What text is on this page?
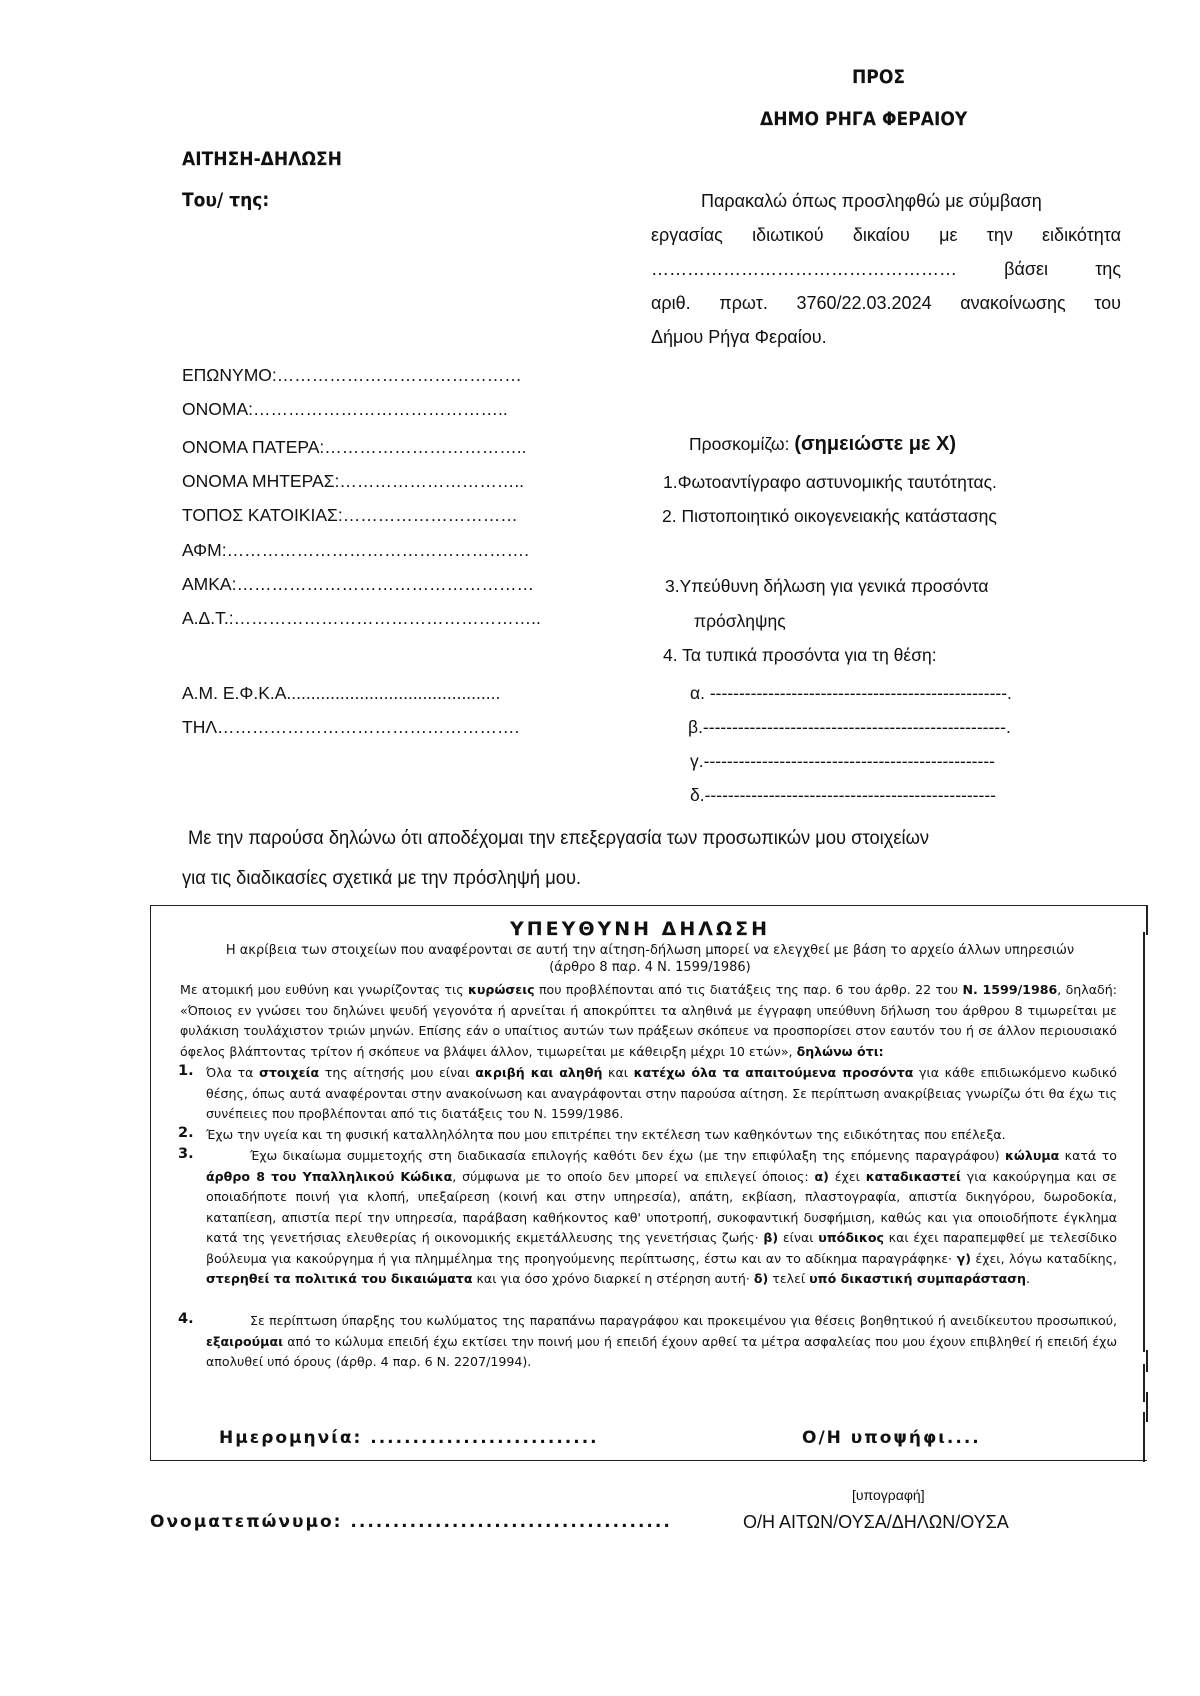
ΠΡΟΣ
ΔΗΜΟ ΡΗΓΑ ΦΕΡΑΙΟΥ
ΑΙΤΗΣΗ-ΔΗΛΩΣΗ
Του/ της:	Παρακαλώ όπως προσληφθώ με σύμβαση
εργασίας ιδιωτικού δικαίου με την ειδικότητα
…………………………………………… βάσει της
αριθ. πρωτ. 3760/22.03.2024 ανακοίνωσης του
Δήμου Ρήγα Φεραίου.
ΕΠΩΝΥΜΟ:……………………………………
ΟΝΟΜΑ:……………………………………..
ΟΝΟΜΑ ΠΑΤΕΡΑ:……………………………..
ΟΝΟΜΑ ΜΗΤΕΡΑΣ:…………………………..
ΤΟΠΟΣ ΚΑΤΟΙΚΙΑΣ:…………………………
ΑΦΜ:…………………………………………….
ΑΜΚΑ:……………………………………………
Α.Δ.Τ.:……………………………………………..
Α.Μ. Ε.Φ.Κ.Α............................................
ΤΗΛ…………………………………………….
Προσκομίζω: (σημειώστε με Χ)
1.Φωτοαντίγραφο αστυνομικής ταυτότητας.
2. Πιστοποιητικό οικογενειακής κατάστασης
3.Υπεύθυνη δήλωση για γενικά προσόντα
πρόσληψης
4. Τα τυπικά προσόντα για τη θέση:
α. ---------------------------------------------------.
β.----------------------------------------------------.
γ.--------------------------------------------------
δ.--------------------------------------------------
Με την παρούσα δηλώνω ότι αποδέχομαι την επεξεργασία των προσωπικών μου στοιχείων
για τις διαδικασίες σχετικά με την πρόσληψή μου.
ΥΠΕΥΘΥΝΗ ΔΗΛΩΣΗ
Η ακρίβεια των στοιχείων που αναφέρονται σε αυτή την αίτηση-δήλωση μπορεί να ελεγχθεί με βάση το αρχείο άλλων υπηρεσιών
(άρθρο 8 παρ. 4 Ν. 1599/1986)
Με ατομική μου ευθύνη και γνωρίζοντας τις κυρώσεις που προβλέπονται από τις διατάξεις της παρ. 6 του άρθρ. 22 του Ν. 1599/1986, δηλαδή: «Όποιος εν γνώσει του δηλώνει ψευδή γεγονότα ή αρνείται ή αποκρύπτει τα αληθινά με έγγραφη υπεύθυνη δήλωση του άρθρου 8 τιμωρείται με φυλάκιση τουλάχιστον τριών μηνών. Επίσης εάν ο υπαίτιος αυτών των πράξεων σκόπευε να προσπορίσει στον εαυτόν του ή σε άλλον περιουσιακό όφελος βλάπτοντας τρίτον ή σκόπευε να βλάψει άλλον, τιμωρείται με κάθειρξη μέχρι 10 ετών», δηλώνω ότι:
1. Όλα τα στοιχεία της αίτησής μου είναι ακριβή και αληθή και κατέχω όλα τα απαιτούμενα προσόντα για κάθε επιδιωκόμενο κωδικό θέσης, όπως αυτά αναφέρονται στην ανακοίνωση και αναγράφονται στην παρούσα αίτηση. Σε περίπτωση ανακρίβειας γνωρίζω ότι θα έχω τις συνέπειες που προβλέπονται από τις διατάξεις του Ν. 1599/1986.
2. Έχω την υγεία και τη φυσική καταλληλόλητα που μου επιτρέπει την εκτέλεση των καθηκόντων της ειδικότητας που επέλεξα.
3.	Έχω δικαίωμα συμμετοχής στη διαδικασία επιλογής καθότι δεν έχω (με την επιφύλαξη της επόμενης παραγράφου) κώλυμα κατά το άρθρο 8 του Υπαλληλικού Κώδικα, σύμφωνα με το οποίο δεν μπορεί να επιλεγεί όποιος: α) έχει καταδικαστεί για κακούργημα και σε οποιαδήποτε ποινή για κλοπή, υπεξαίρεση (κοινή και στην υπηρεσία), απάτη, εκβίαση, πλαστογραφία, απιστία δικηγόρου, δωροδοκία, καταπίεση, απιστία περί την υπηρεσία, παράβαση καθήκοντος καθ' υποτροπή, συκοφαντική δυσφήμιση, καθώς και για οποιοδήποτε έγκλημα κατά της γενετήσιας ελευθερίας ή οικονομικής εκμετάλλευσης της γενετήσιας ζωής· β) είναι υπόδικος και έχει παραπεμφθεί με τελεσίδικο βούλευμα για κακούργημα ή για πλημμέλημα της προηγούμενης περίπτωσης, έστω και αν το αδίκημα παραγράφηκε· γ) έχει, λόγω καταδίκης, στερηθεί τα πολιτικά του δικαιώματα και για όσο χρόνο διαρκεί η στέρηση αυτή· δ) τελεί υπό δικαστική συμπαράσταση.
4.	Σε περίπτωση ύπαρξης του κωλύματος της παραπάνω παραγράφου και προκειμένου για θέσεις βοηθητικού ή ανειδίκευτου προσωπικού, εξαιρούμαι από το κώλυμα επειδή έχω εκτίσει την ποινή μου ή επειδή έχουν αρθεί τα μέτρα ασφαλείας που μου έχουν επιβληθεί ή επειδή έχω απολυθεί υπό όρους (άρθρ. 4 παρ. 6 Ν. 2207/1994).
Ημερομηνία: ...........................	Ο/Η υποψήφι....
[υπογραφή]
Ονοματεπώνυμο: ......................................	Ο/Η ΑΙΤΩΝ/ΟΥΣΑ/ΔΗΛΩΝ/ΟΥΣΑ
